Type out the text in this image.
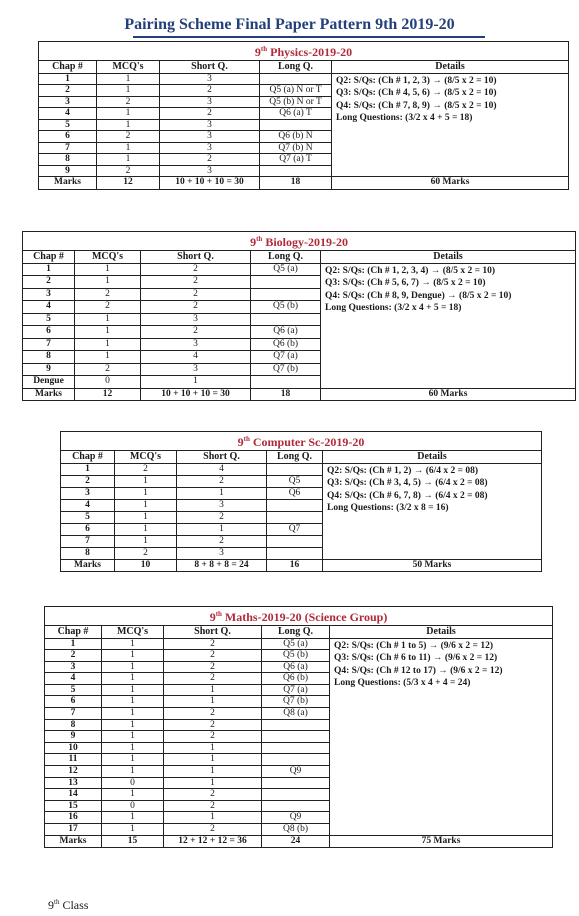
Pairing Scheme Final Paper Pattern 9th 2019-20
9th Physics-2019-20				
Chap #	MCQ's	Short Q.	Long Q.	Details
1	1	3		Q2: S/Qs: (Ch # 1, 2, 3) → (8/5 x 2 = 10)
Q3: S/Qs: (Ch # 4, 5, 6) → (8/5 x 2 = 10)
Q4: S/Qs: (Ch # 7, 8, 9) → (8/5 x 2 = 10)
Long Questions: (3/2 x 4 + 5 = 18)

2	1	2	Q5 (a) N or T	
3	2	3	Q5 (b) N or T	
4	1	2	Q6 (a) T	
5	1	3		
6	2	3	Q6 (b) N	
7	1	3	Q7 (b) N	
8	1	2	Q7 (a) T	
9	2	3		
Marks	12	10 + 10 + 10 = 30	18	60 Marks
9th Biology-2019-20				
Chap #	MCQ's	Short Q.	Long Q.	Details
1	1	2	Q5 (a)	Q2: S/Qs: (Ch # 1, 2, 3, 4) → (8/5 x 2 = 10)
Q3: S/Qs: (Ch # 5, 6, 7) → (8/5 x 2 = 10)
Q4: S/Qs: (Ch # 8, 9, Dengue) → (8/5 x 2 = 10)
Long Questions: (3/2 x 4 + 5 = 18)

2	1	2		
3	2	2		
4	2	2	Q5 (b)	
5	1	3		
6	1	2	Q6 (a)	
7	1	3	Q6 (b)	
8	1	4	Q7 (a)	
9	2	3	Q7 (b)	
Dengue	0	1		
Marks	12	10 + 10 + 10 = 30	18	60 Marks
9th Computer Sc-2019-20				
Chap #	MCQ's	Short Q.	Long Q.	Details
1	2	4		Q2: S/Qs: (Ch # 1, 2) → (6/4 x 2 = 08)
Q3: S/Qs: (Ch # 3, 4, 5) → (6/4 x 2 = 08)
Q4: S/Qs: (Ch # 6, 7, 8) → (6/4 x 2 = 08)
Long Questions: (3/2 x 8 = 16)

2	1	2	Q5	
3	1	1	Q6	
4	1	3		
5	1	2		
6	1	1	Q7	
7	1	2		
8	2	3		
Marks	10	8 + 8 + 8 = 24	16	50 Marks
9th Maths-2019-20 (Science Group)				
Chap #	MCQ's	Short Q.	Long Q.	Details
1	1	2	Q5 (a)	Q2: S/Qs: (Ch # 1 to 5) → (9/6 x 2 = 12)
Q3: S/Qs: (Ch # 6 to 11) → (9/6 x 2 = 12)
Q4: S/Qs: (Ch # 12 to 17) → (9/6 x 2 = 12)
Long Questions: (5/3 x 4 + 4 = 24)

2	1	2	Q5 (b)	
3	1	2	Q6 (a)	
4	1	2	Q6 (b)	
5	1	1	Q7 (a)	
6	1	1	Q7 (b)	
7	1	2	Q8 (a)	
8	1	2		
9	1	2		
10	1	1		
11	1	1		
12	1	1	Q9	
13	0	1		
14	1	2		
15	0	2		
16	1	1	Q9	
17	1	2	Q8 (b)	
Marks	15	12 + 12 + 12 = 36	24	75 Marks
9th Class
